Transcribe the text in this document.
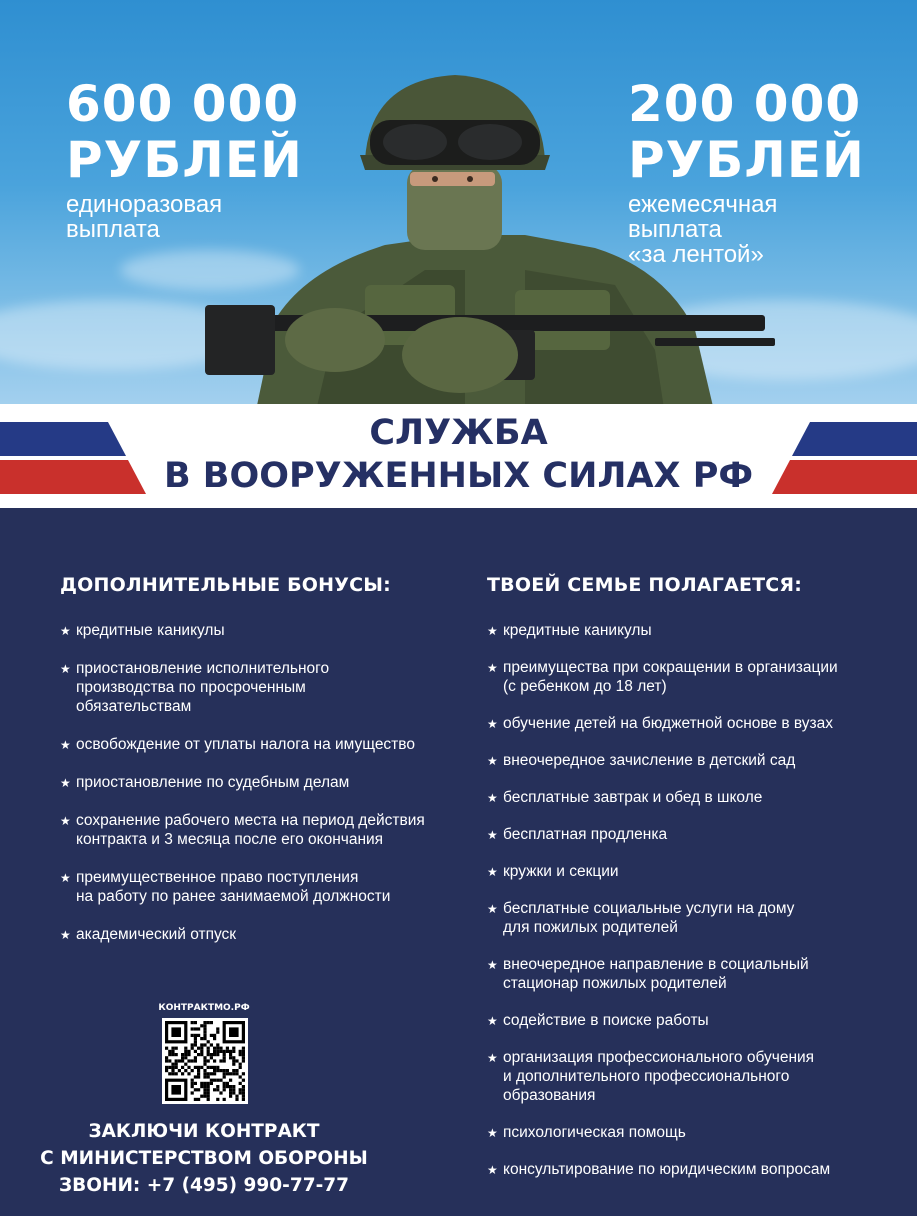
600 000
РУБЛЕЙ
единоразовая
выплата
200 000
РУБЛЕЙ
ежемесячная
выплата
«за лентой»
СЛУЖБА
В ВООРУЖЕННЫХ СИЛАХ РФ
ДОПОЛНИТЕЛЬНЫЕ БОНУСЫ:
★ кредитные каникулы
★ приостановление исполнительного
производства по просроченным
обязательствам
★ освобождение от уплаты налога на имущество
★ приостановление по судебным делам
★ сохранение рабочего места на период действия
контракта и 3 месяца после его окончания
★ преимущественное право поступления
на работу по ранее занимаемой должности
★ академический отпуск
ТВОЕЙ СЕМЬЕ ПОЛАГАЕТСЯ:
★ кредитные каникулы
★ преимущества при сокращении в организации
(с ребенком до 18 лет)
★ обучение детей на бюджетной основе в вузах
★ внеочередное зачисление в детский сад
★ бесплатные завтрак и обед в школе
★ бесплатная продленка
★ кружки и секции
★ бесплатные социальные услуги на дому
для пожилых родителей
★ внеочередное направление в социальный
стационар пожилых родителей
★ содействие в поиске работы
★ организация профессионального обучения
и дополнительного профессионального
образования
★ психологическая помощь
★ консультирование по юридическим вопросам
КОНТРАКТМО.РФ
ЗАКЛЮЧИ КОНТРАКТ
С МИНИСТЕРСТВОМ ОБОРОНЫ
ЗВОНИ: +7 (495) 990-77-77
